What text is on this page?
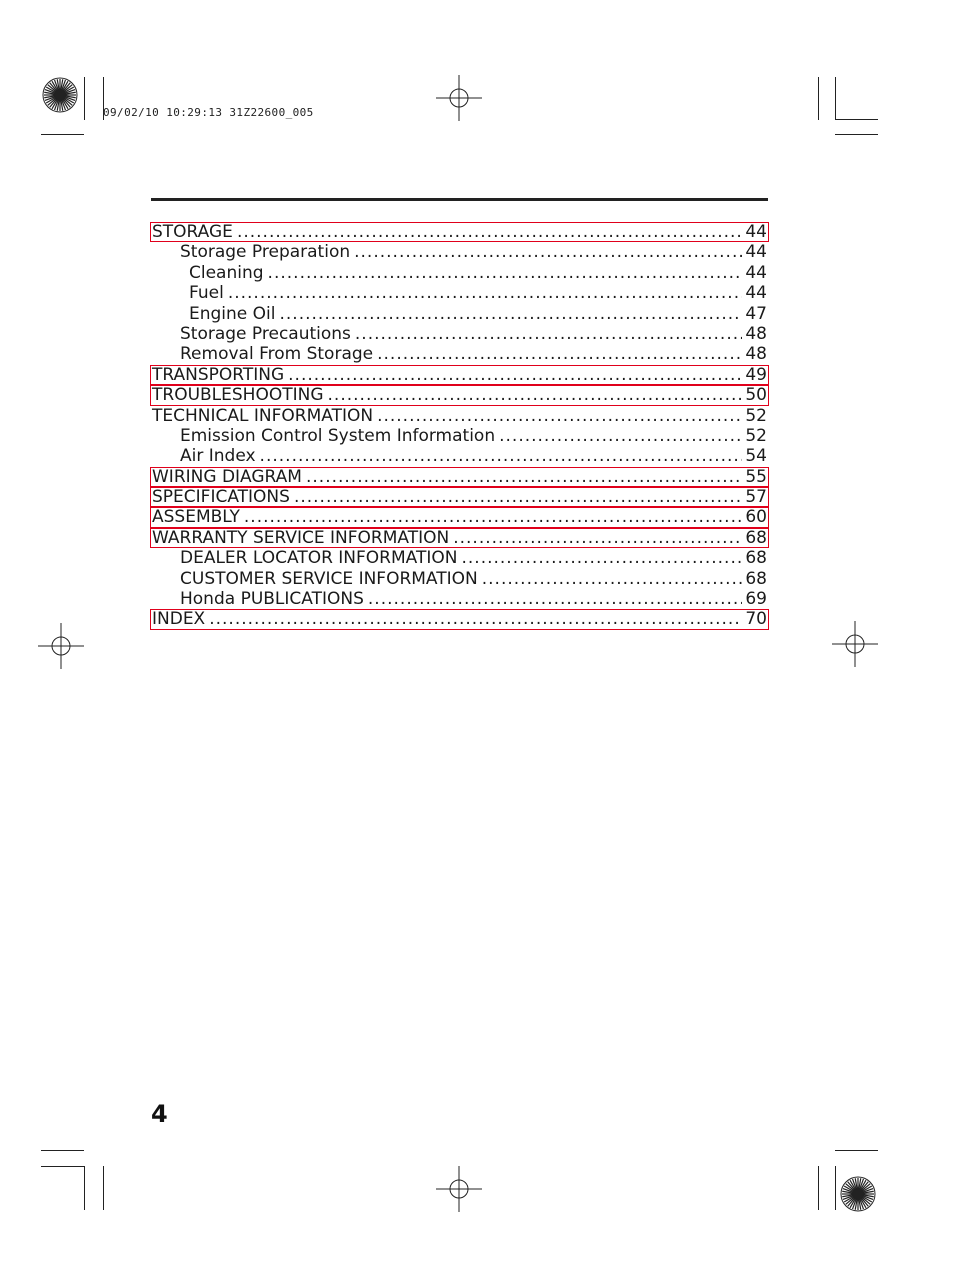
09/02/10 10:29:13 31Z22600_005
STORAGE .....	44
Storage Preparation .....	44
Cleaning .....	44
Fuel .....	44
Engine Oil .....	47
Storage Precautions .....	48
Removal From Storage .....	48
TRANSPORTING .....	49
TROUBLESHOOTING .....	50
TECHNICAL INFORMATION .....	52
Emission Control System Information .....	52
Air Index .....	54
WIRING DIAGRAM .....	55
SPECIFICATIONS .....	57
ASSEMBLY .....	60
WARRANTY SERVICE INFORMATION .....	68
DEALER LOCATOR INFORMATION .....	68
CUSTOMER SERVICE INFORMATION .....	68
Honda PUBLICATIONS .....	69
INDEX .....	70
4
